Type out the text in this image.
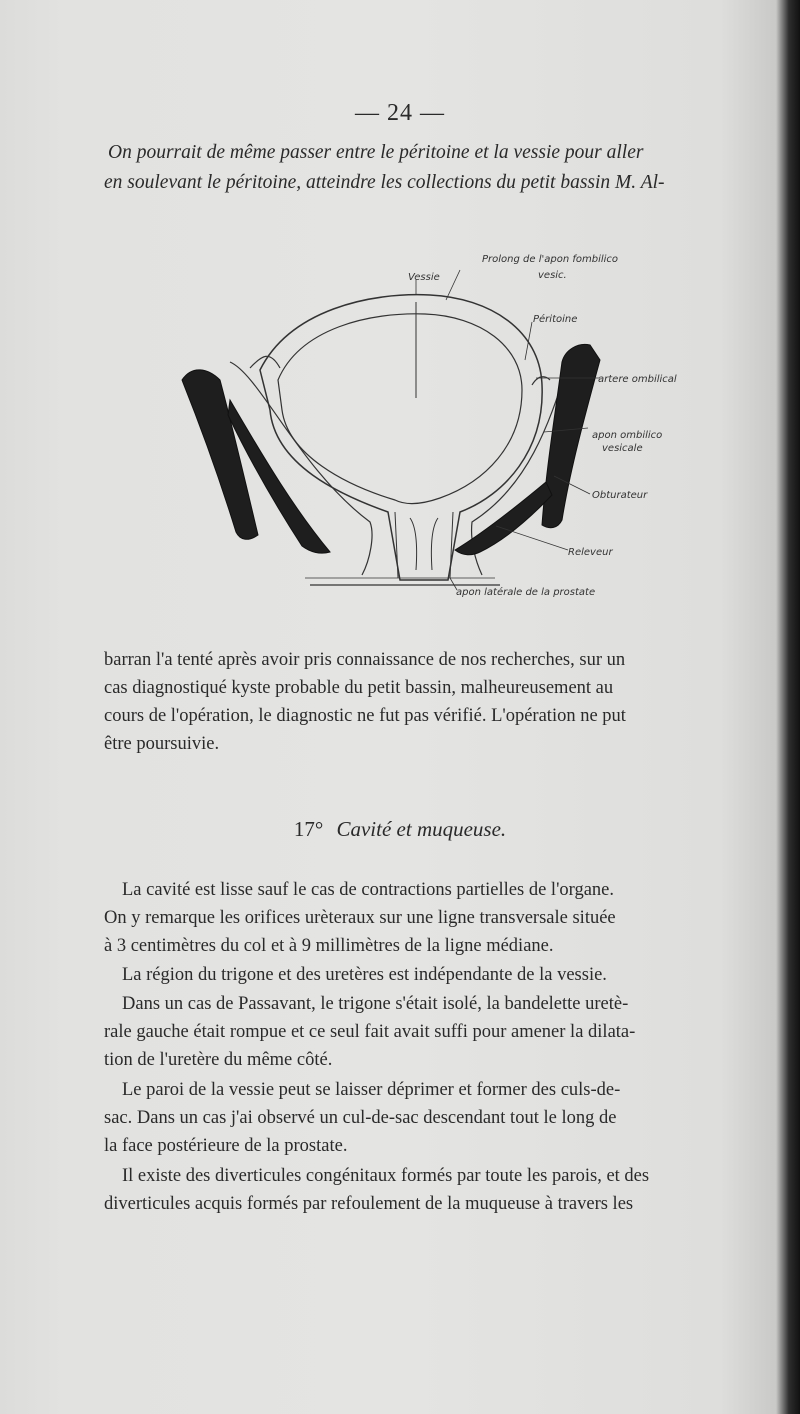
— 24 —
On pourrait de même passer entre le péritoine et la vessie pour aller
en soulevant le péritoine, atteindre les collections du petit bassin M. Al-
Vessie
Prolong de l'apon fombilico
vesic.
Péritoine
artere ombilical
apon ombilico
vesicale
Obturateur
Releveur
apon latérale de la prostate
barran l'a tenté après avoir pris connaissance de nos recherches, sur un
cas diagnostiqué kyste probable du petit bassin, malheureusement au
cours de l'opération, le diagnostic ne fut pas vérifié. L'opération ne put
être poursuivie.
17° Cavité et muqueuse.
La cavité est lisse sauf le cas de contractions partielles de l'organe.
On y remarque les orifices urèteraux sur une ligne transversale située
à 3 centimètres du col et à 9 millimètres de la ligne médiane.
La région du trigone et des uretères est indépendante de la vessie.
Dans un cas de Passavant, le trigone s'était isolé, la bandelette uretè-
rale gauche était rompue et ce seul fait avait suffi pour amener la dilata-
tion de l'uretère du même côté.
Le paroi de la vessie peut se laisser déprimer et former des culs-de-
sac. Dans un cas j'ai observé un cul-de-sac descendant tout le long de
la face postérieure de la prostate.
Il existe des diverticules congénitaux formés par toute les parois, et des
diverticules acquis formés par refoulement de la muqueuse à travers les
